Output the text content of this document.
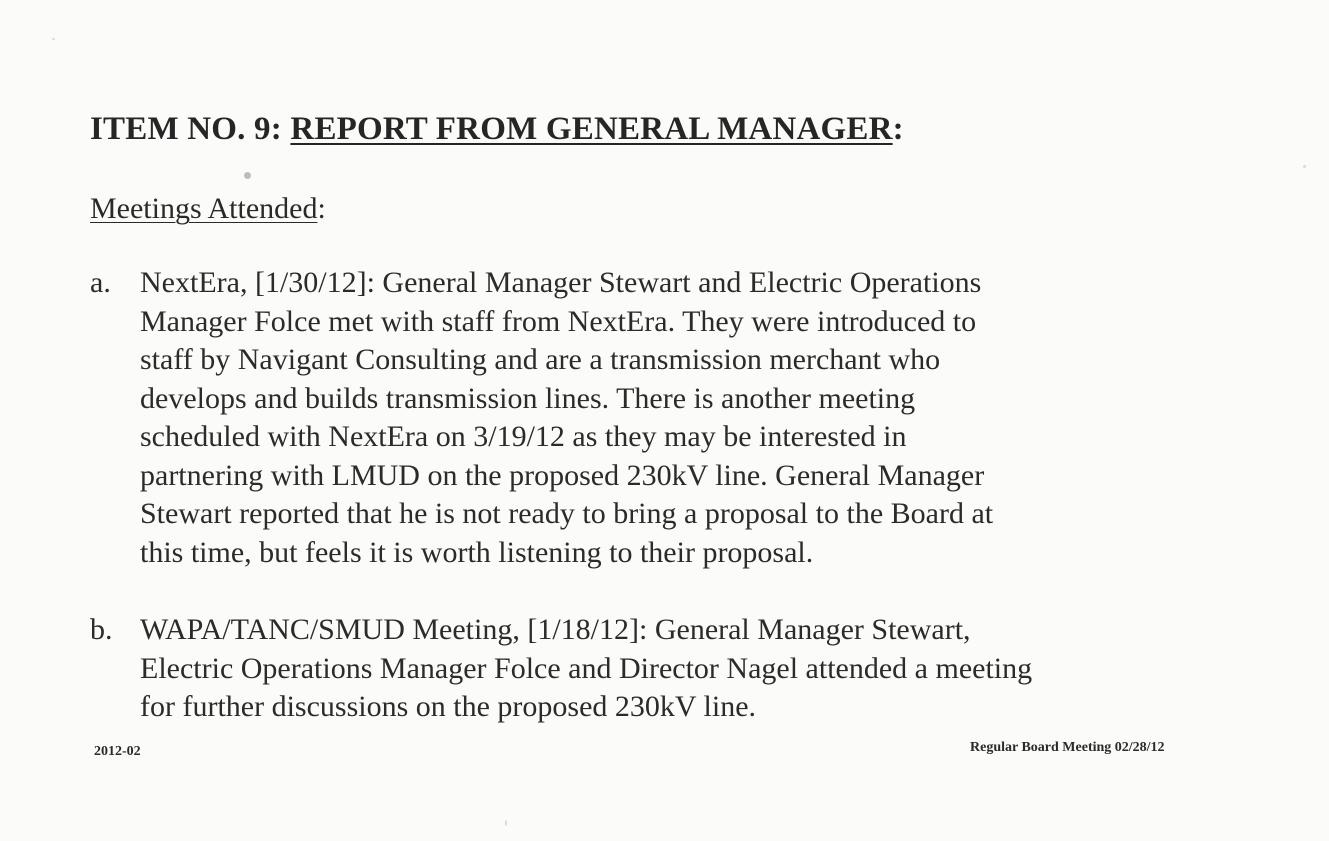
ITEM NO. 9: REPORT FROM GENERAL MANAGER:
Meetings Attended:
a. NextEra, [1/30/12]: General Manager Stewart and Electric Operations
Manager Folce met with staff from NextEra. They were introduced to
staff by Navigant Consulting and are a transmission merchant who
develops and builds transmission lines. There is another meeting
scheduled with NextEra on 3/19/12 as they may be interested in
partnering with LMUD on the proposed 230kV line. General Manager
Stewart reported that he is not ready to bring a proposal to the Board at
this time, but feels it is worth listening to their proposal.
b. WAPA/TANC/SMUD Meeting, [1/18/12]: General Manager Stewart,
Electric Operations Manager Folce and Director Nagel attended a meeting
for further discussions on the proposed 230kV line.
2012-02	Regular Board Meeting 02/28/12
